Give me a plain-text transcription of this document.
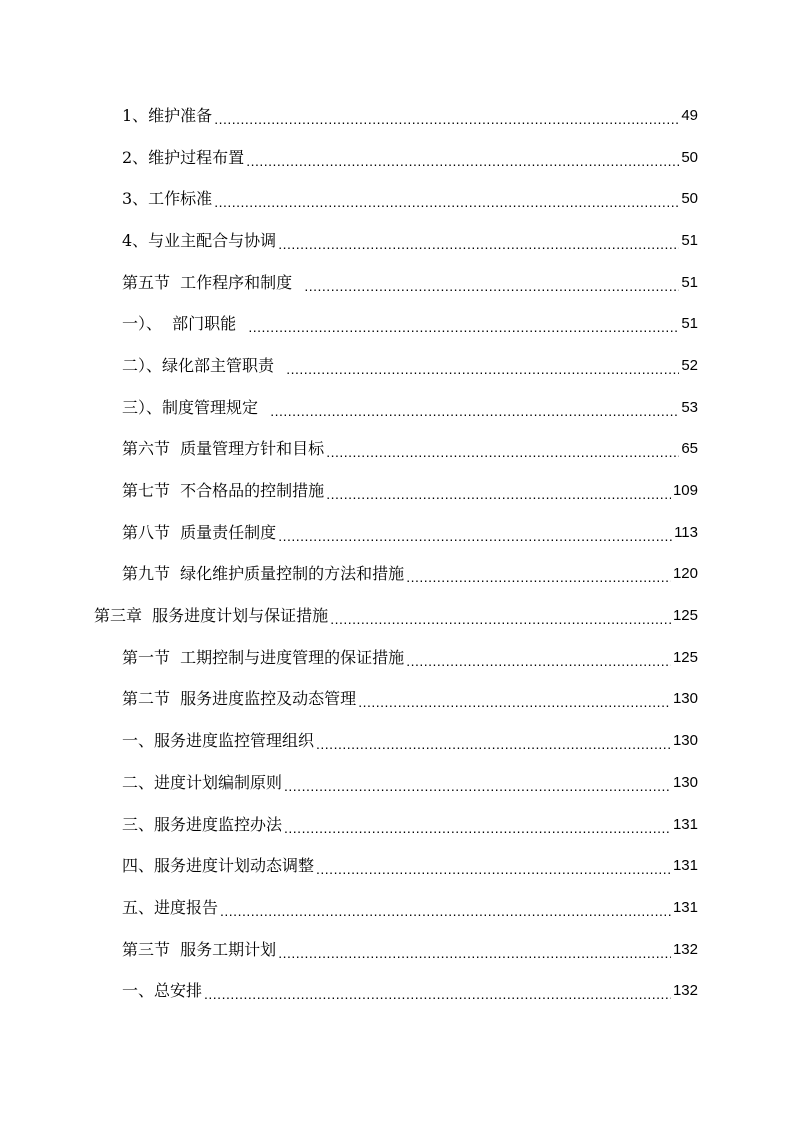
1、维护准备 .....	49
2、维护过程布置 .....	50
3、工作标准 .....	50
4、与业主配合与协调 .....	51
第五节  工作程序和制度 .....	51
一）、  部门职能 .....	51
二）、绿化部主管职责 .....	52
三）、制度管理规定 .....	53
第六节  质量管理方针和目标 .....	65
第七节  不合格品的控制措施 .....	109
第八节  质量责任制度 .....	113
第九节  绿化维护质量控制的方法和措施 .....	120
第三章  服务进度计划与保证措施 .....	125
第一节  工期控制与进度管理的保证措施 .....	125
第二节  服务进度监控及动态管理 .....	130
一、服务进度监控管理组织 .....	130
二、进度计划编制原则 .....	130
三、服务进度监控办法 .....	131
四、服务进度计划动态调整 .....	131
五、进度报告 .....	131
第三节  服务工期计划 .....	132
一、总安排 .....	132
